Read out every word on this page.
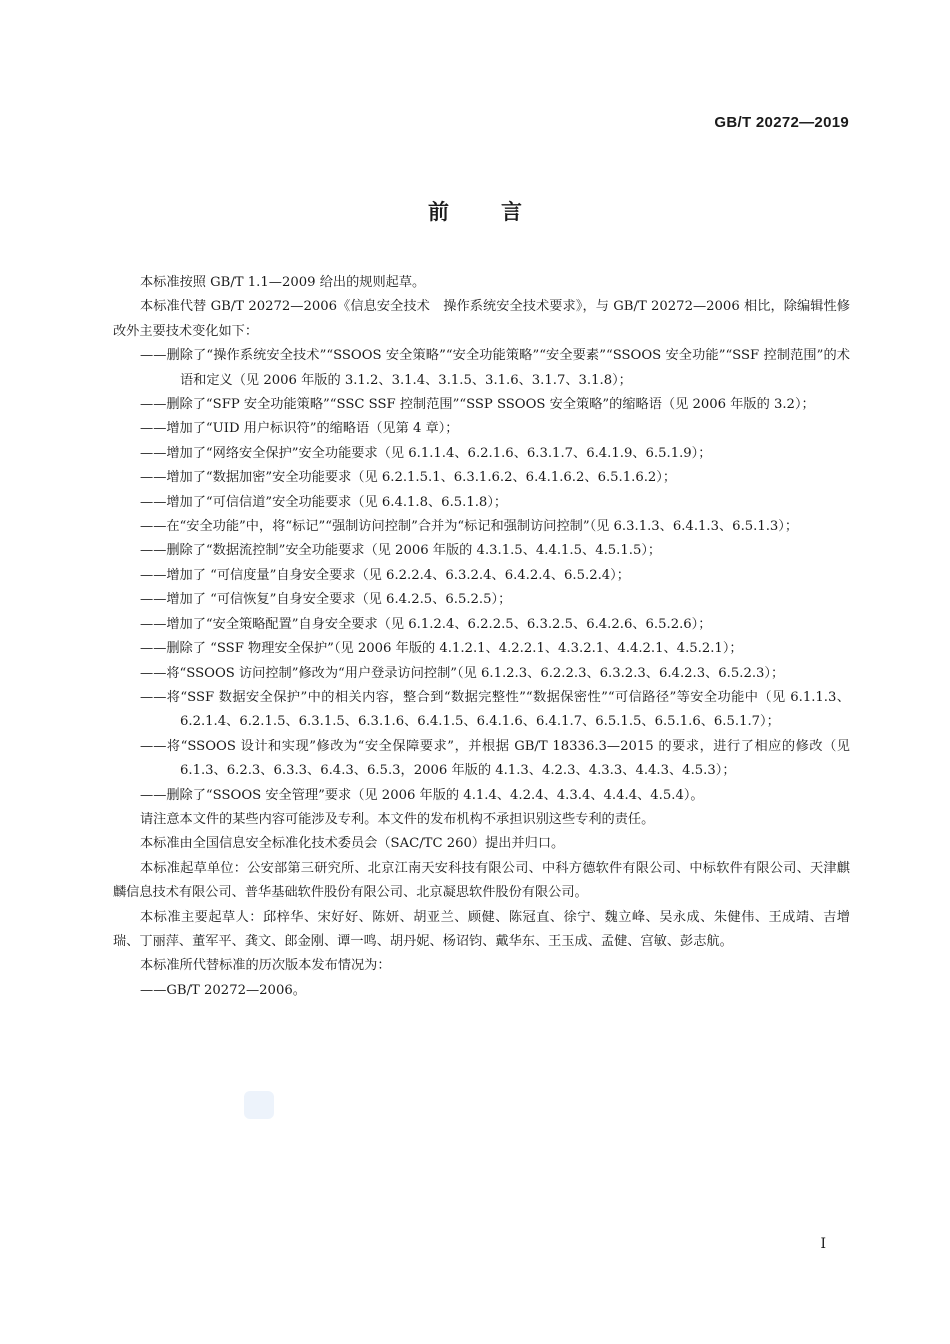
GB/T 20272—2019
前言

本标准按照 GB/T 1.1—2009 给出的规则起草。

本标准代替 GB/T 20272—2006《信息安全技术　操作系统安全技术要求》，与 GB/T 20272—2006 相比，除编辑性修改外主要技术变化如下：

——删除了“操作系统安全技术”“SSOOS 安全策略”“安全功能策略”“安全要素”“SSOOS 安全功能”“SSF 控制范围”的术语和定义（见 2006 年版的 3.1.2、3.1.4、3.1.5、3.1.6、3.1.7、3.1.8）；

——删除了“SFP 安全功能策略”“SSC SSF 控制范围”“SSP SSOOS 安全策略”的缩略语（见 2006 年版的 3.2）；

——增加了“UID 用户标识符”的缩略语（见第 4 章）；

——增加了“网络安全保护”安全功能要求（见 6.1.1.4、6.2.1.6、6.3.1.7、6.4.1.9、6.5.1.9）；

——增加了“数据加密”安全功能要求（见 6.2.1.5.1、6.3.1.6.2、6.4.1.6.2、6.5.1.6.2）；

——增加了“可信信道”安全功能要求（见 6.4.1.8、6.5.1.8）；

——在“安全功能”中，将“标记”“强制访问控制”合并为“标记和强制访问控制”（见 6.3.1.3、6.4.1.3、6.5.1.3）；

——删除了“数据流控制”安全功能要求（见 2006 年版的 4.3.1.5、4.4.1.5、4.5.1.5）；

——增加了 “可信度量”自身安全要求（见 6.2.2.4、6.3.2.4、6.4.2.4、6.5.2.4）；

——增加了 “可信恢复”自身安全要求（见 6.4.2.5、6.5.2.5）；

——增加了“安全策略配置”自身安全要求（见 6.1.2.4、6.2.2.5、6.3.2.5、6.4.2.6、6.5.2.6）；

——删除了 “SSF 物理安全保护”（见 2006 年版的 4.1.2.1、4.2.2.1、4.3.2.1、4.4.2.1、4.5.2.1）；

——将“SSOOS 访问控制”修改为“用户登录访问控制”（见 6.1.2.3、6.2.2.3、6.3.2.3、6.4.2.3、6.5.2.3）；

——将“SSF 数据安全保护”中的相关内容，整合到“数据完整性”“数据保密性”“可信路径”等安全功能中（见 6.1.1.3、6.2.1.4、6.2.1.5、6.3.1.5、6.3.1.6、6.4.1.5、6.4.1.6、6.4.1.7、6.5.1.5、6.5.1.6、6.5.1.7）；

——将“SSOOS 设计和实现”修改为“安全保障要求”，并根据 GB/T 18336.3—2015 的要求，进行了相应的修改（见 6.1.3、6.2.3、6.3.3、6.4.3、6.5.3，2006 年版的 4.1.3、4.2.3、4.3.3、4.4.3、4.5.3）；

——删除了“SSOOS 安全管理”要求（见 2006 年版的 4.1.4、4.2.4、4.3.4、4.4.4、4.5.4）。

请注意本文件的某些内容可能涉及专利。本文件的发布机构不承担识别这些专利的责任。

本标准由全国信息安全标准化技术委员会（SAC/TC 260）提出并归口。

本标准起草单位：公安部第三研究所、北京江南天安科技有限公司、中科方德软件有限公司、中标软件有限公司、天津麒麟信息技术有限公司、普华基础软件股份有限公司、北京凝思软件股份有限公司。

本标准主要起草人：邱梓华、宋好好、陈妍、胡亚兰、顾健、陈冠直、徐宁、魏立峰、吴永成、朱健伟、王成靖、吉增瑞、丁丽萍、董军平、龚文、郎金刚、谭一鸣、胡丹妮、杨诏钧、戴华东、王玉成、孟健、宫敏、彭志航。

本标准所代替标准的历次版本发布情况为：

——GB/T 20272—2006。

I
